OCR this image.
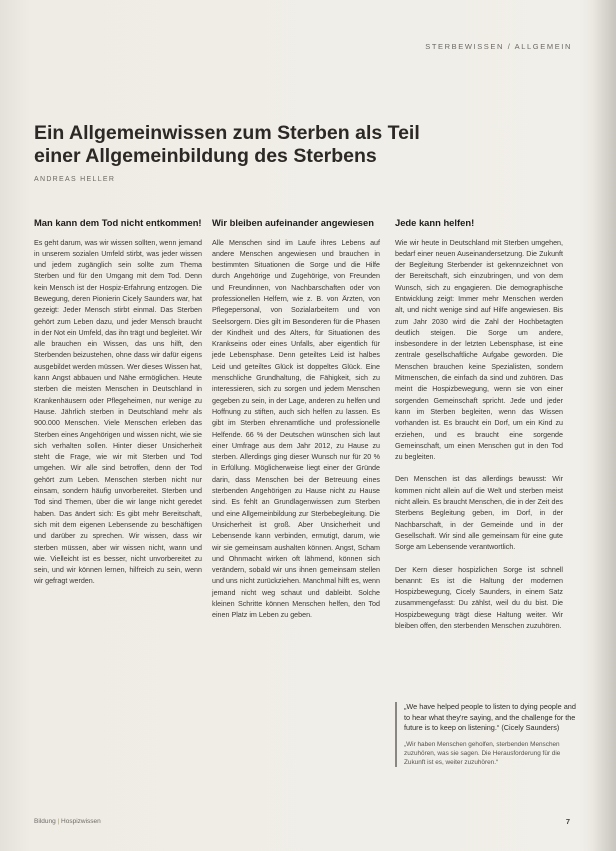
STERBEWISSEN / ALLGEMEIN
Ein Allgemeinwissen zum Sterben als Teil
einer Allgemeinbildung des Sterbens
ANDREAS HELLER
Man kann dem Tod nicht entkommen!

Es geht darum, was wir wissen sollten, wenn jemand in unserem sozialen Umfeld stirbt, was jeder wissen und jedem zugänglich sein sollte zum Thema Sterben und für den Umgang mit dem Tod. Denn kein Mensch ist der Hospiz-Erfahrung entzogen. Die Bewegung, deren Pionierin Cicely Saunders war, hat gezeigt: Jeder Mensch stirbt einmal. Das Sterben gehört zum Leben dazu, und jeder Mensch braucht in der Not ein Umfeld, das ihn trägt und begleitet. Wir alle brauchen ein Wissen, das uns hilft, den Sterbenden beizustehen, ohne dass wir dafür eigens ausgebildet werden müssen. Wer dieses Wissen hat, kann Angst abbauen und Nähe ermöglichen. Heute sterben die meisten Menschen in Deutschland in Krankenhäusern oder Pflegeheimen, nur wenige zu Hause. Jährlich sterben in Deutschland mehr als 900.000 Menschen. Viele Menschen erleben das Sterben eines Angehörigen und wissen nicht, wie sie sich verhalten sollen. Hinter dieser Unsicherheit steht die Frage, wie wir mit Sterben und Tod umgehen. Wir alle sind betroffen, denn der Tod gehört zum Leben. Menschen sterben nicht nur einsam, sondern häufig unvorbereitet. Sterben und Tod sind Themen, über die wir lange nicht geredet haben. Das ändert sich: Es gibt mehr Bereitschaft, sich mit dem eigenen Lebensende zu beschäftigen und darüber zu sprechen. Wir wissen, dass wir sterben müssen, aber wir wissen nicht, wann und wie. Vielleicht ist es besser, nicht unvorbereitet zu sein, und wir können lernen, hilfreich zu sein, wenn wir gefragt werden.

Wir bleiben aufeinander angewiesen

Alle Menschen sind im Laufe ihres Lebens auf andere Menschen angewiesen und brauchen in bestimmten Situationen die Sorge und die Hilfe durch Angehörige und Zugehörige, von Freunden und Freundinnen, von Nachbarschaften oder von professionellen Helfern, wie z. B. von Ärzten, von Pflegepersonal, von Sozialarbeitern und von Seelsorgern. Dies gilt im Besonderen für die Phasen der Kindheit und des Alters, für Situationen des Krankseins oder eines Unfalls, aber eigentlich für jede Lebensphase. Denn geteiltes Leid ist halbes Leid und geteiltes Glück ist doppeltes Glück. Eine menschliche Grundhaltung, die Fähigkeit, sich zu interessieren, sich zu sorgen und jedem Menschen gegeben zu sein, in der Lage, anderen zu helfen und Hoffnung zu stiften, auch sich helfen zu lassen. Es gibt im Sterben ehrenamtliche und professionelle Helfende. 66 % der Deutschen wünschen sich laut einer Umfrage aus dem Jahr 2012, zu Hause zu sterben. Allerdings ging dieser Wunsch nur für 20 % in Erfüllung. Möglicherweise liegt einer der Gründe darin, dass Menschen bei der Betreuung eines sterbenden Angehörigen zu Hause nicht zu Hause sind. Es fehlt an Grundlagenwissen zum Sterben und eine Allgemeinbildung zur Sterbebegleitung. Die Unsicherheit ist groß. Aber Unsicherheit und Lebensende kann verbinden, ermutigt, darum, wie wir sie gemeinsam aushalten können. Angst, Scham und Ohnmacht wirken oft lähmend, können sich verändern, sobald wir uns ihnen gemeinsam stellen und uns nicht zurückziehen. Manchmal hilft es, wenn jemand nicht weg schaut und dableibt. Solche kleinen Schritte können Menschen helfen, den Tod einen Platz im Leben zu geben.

Jede kann helfen!

Wie wir heute in Deutschland mit Sterben umgehen, bedarf einer neuen Auseinandersetzung. Die Zukunft der Begleitung Sterbender ist gekennzeichnet von der Bereitschaft, sich einzubringen, und von dem Wunsch, sich zu engagieren. Die demographische Entwicklung zeigt: Immer mehr Menschen werden alt, und nicht wenige sind auf Hilfe angewiesen. Bis zum Jahr 2030 wird die Zahl der Hochbetagten deutlich steigen. Die Sorge um andere, insbesondere in der letzten Lebensphase, ist eine zentrale gesellschaftliche Aufgabe geworden. Die Menschen brauchen keine Spezialisten, sondern Mitmenschen, die einfach da sind und zuhören. Das meint die Hospizbewegung, wenn sie von einer sorgenden Gemeinschaft spricht. Jede und jeder kann im Sterben begleiten, wenn das Wissen vorhanden ist. Es braucht ein Dorf, um ein Kind zu erziehen, und es braucht eine sorgende Gemeinschaft, um einen Menschen gut in den Tod zu begleiten.

Den Menschen ist das allerdings bewusst: Wir kommen nicht allein auf die Welt und sterben meist nicht allein. Es braucht Menschen, die in der Zeit des Sterbens Begleitung geben, im Dorf, in der Nachbarschaft, in der Gemeinde und in der Gesellschaft. Wir sind alle gemeinsam für eine gute Sorge am Lebensende verantwortlich.

Der Kern dieser hospizlichen Sorge ist schnell benannt: Es ist die Haltung der modernen Hospizbewegung, Cicely Saunders, in einem Satz zusammengefasst: Du zählst, weil du du bist. Die Hospizbewegung trägt diese Haltung weiter. Wir bleiben offen, den sterbenden Menschen zuzuhören.

„We have helped people to listen to dying people and to hear what they're saying, and the challenge for the future is to keep on listening.“ (Cicely Saunders)

„Wir haben Menschen geholfen, sterbenden Menschen zuzuhören, was sie sagen. Die Herausforderung für die Zukunft ist es, weiter zuzuhören.“

Bildung | Hospizwissen	7
